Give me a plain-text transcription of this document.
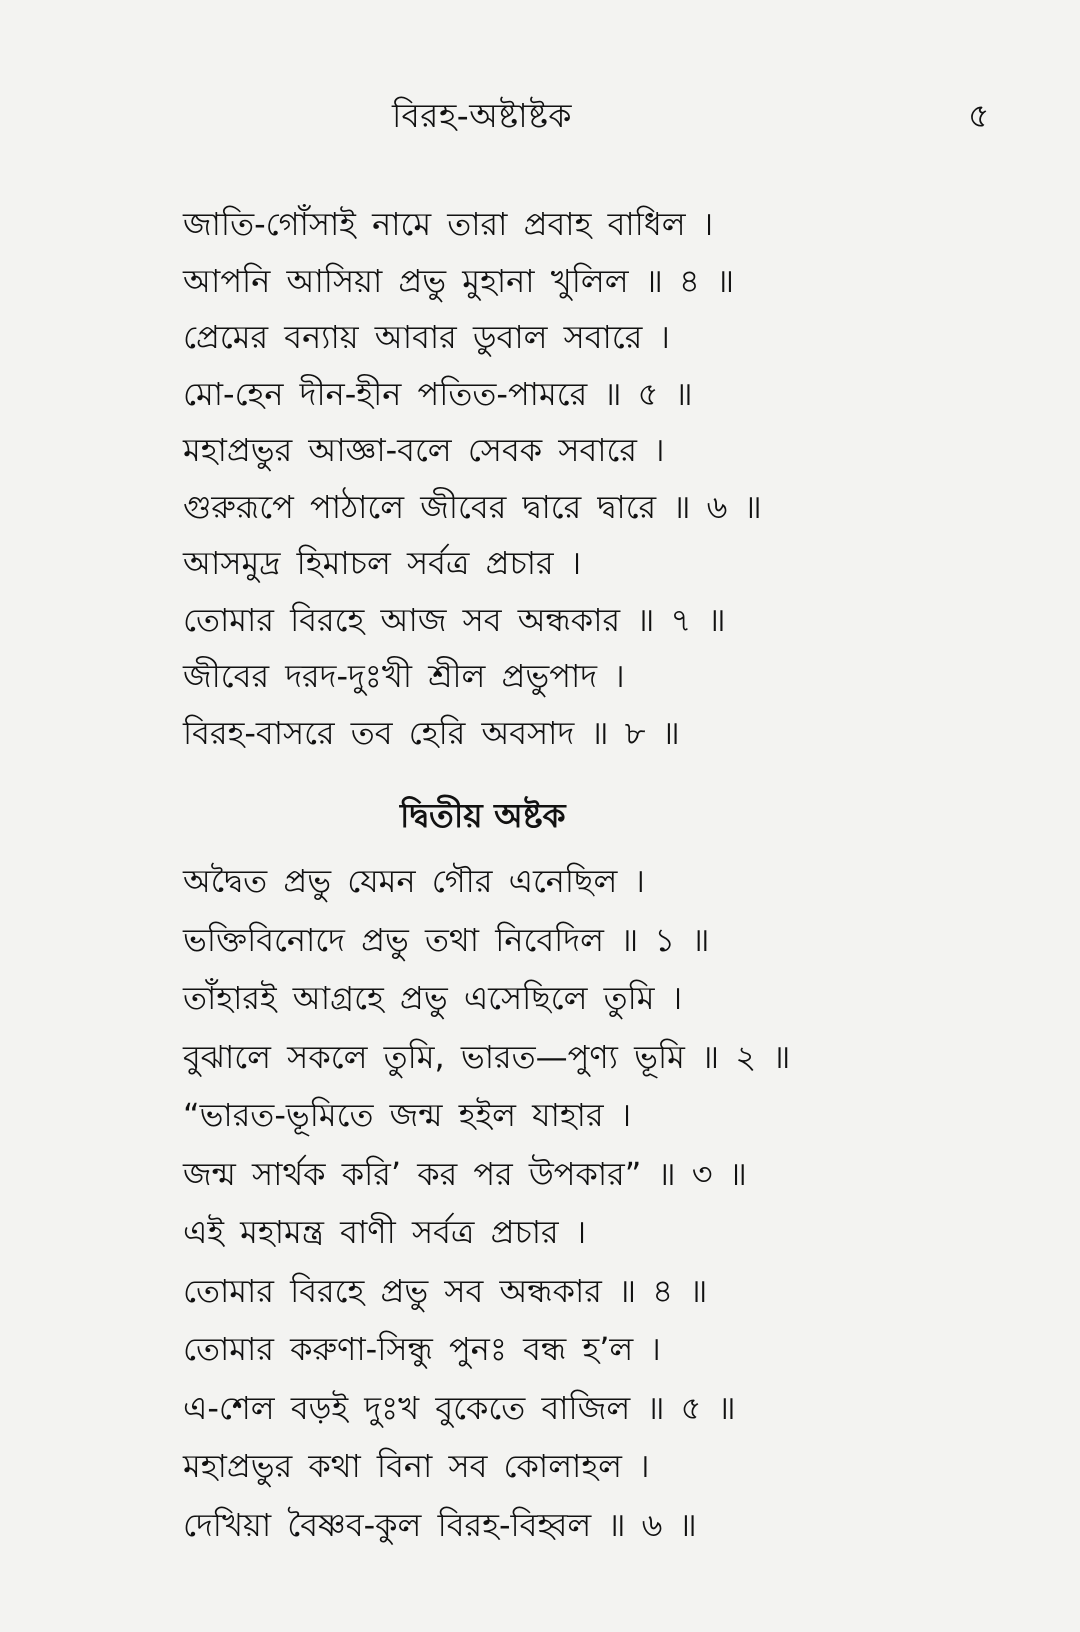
বিরহ-অষ্টাষ্টক	৫
জাতি-গোঁসাই নামে তারা প্রবাহ বাধিল ।
আপনি আসিয়া প্রভু মুহানা খুলিল ॥ ৪ ॥
প্রেমের বন্যায় আবার ডুবাল সবারে ।
মো-হেন দীন-হীন পতিত-পামরে ॥ ৫ ॥
মহাপ্রভুর আজ্ঞা-বলে সেবক সবারে ।
গুরুরূপে পাঠালে জীবের দ্বারে দ্বারে ॥ ৬ ॥
আসমুদ্র হিমাচল সর্বত্র প্রচার ।
তোমার বিরহে আজ সব অন্ধকার ॥ ৭ ॥
জীবের দরদ-দুঃখী শ্রীল প্রভুপাদ ।
বিরহ-বাসরে তব হেরি অবসাদ ॥ ৮ ॥
দ্বিতীয় অষ্টক
অদ্বৈত প্রভু যেমন গৌর এনেছিল ।
ভক্তিবিনোদে প্রভু তথা নিবেদিল ॥ ১ ॥
তাঁহারই আগ্রহে প্রভু এসেছিলে তুমি ।
বুঝালে সকলে তুমি, ভারত—পুণ্য ভূমি ॥ ২ ॥
“ভারত-ভূমিতে জন্ম হইল যাহার ।
জন্ম সার্থক করি’ কর পর উপকার” ॥ ৩ ॥
এই মহামন্ত্র বাণী সর্বত্র প্রচার ।
তোমার বিরহে প্রভু সব অন্ধকার ॥ ৪ ॥
তোমার করুণা-সিন্ধু পুনঃ বন্ধ হ’ল ।
এ-শেল বড়ই দুঃখ বুকেতে বাজিল ॥ ৫ ॥
মহাপ্রভুর কথা বিনা সব কোলাহল ।
দেখিয়া বৈষ্ণব-কুল বিরহ-বিহ্বল ॥ ৬ ॥
